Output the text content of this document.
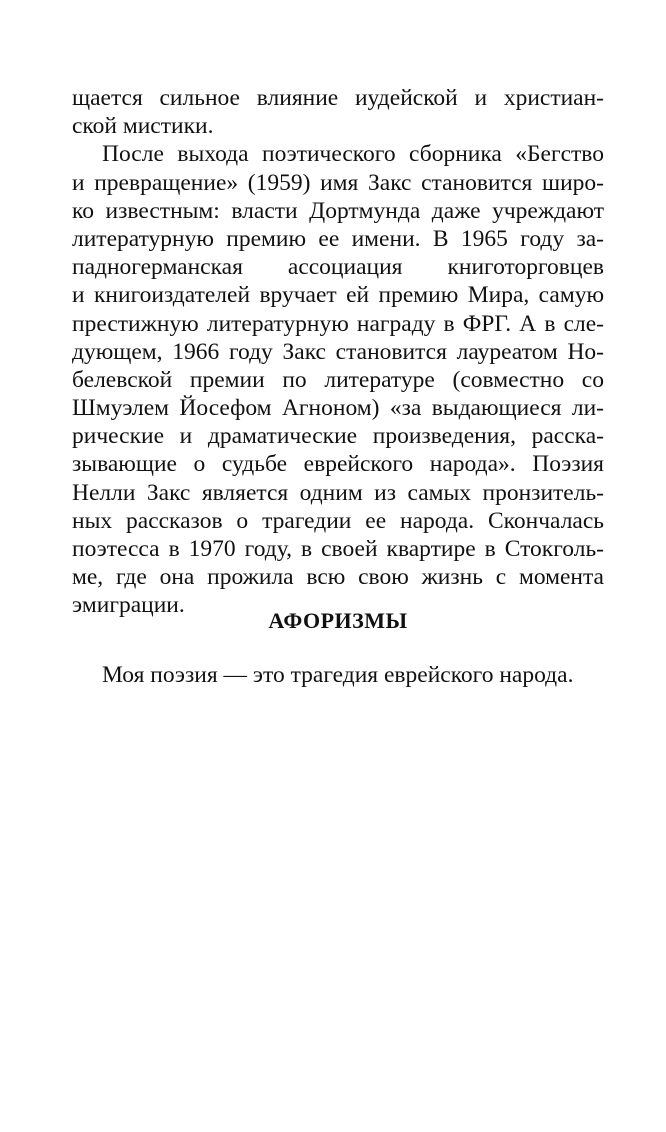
щается сильное влияние иудейской и христиан-
ской мистики.
После выхода поэтического сборника «Бегство
и превращение» (1959) имя Закс становится широ-
ко известным: власти Дортмунда даже учреждают
литературную премию ее имени. В 1965 году за-
падногерманская ассоциация книготорговцев
и книгоиздателей вручает ей премию Мира, самую
престижную литературную награду в ФРГ. А в сле-
дующем, 1966 году Закс становится лауреатом Но-
белевской премии по литературе (совместно со
Шмуэлем Йосефом Агноном) «за выдающиеся ли-
рические и драматические произведения, расска-
зывающие о судьбе еврейского народа». Поэзия
Нелли Закс является одним из самых пронзитель-
ных рассказов о трагедии ее народа. Скончалась
поэтесса в 1970 году, в своей квартире в Стокголь-
ме, где она прожила всю свою жизнь с момента
эмиграции.
АФОРИЗМЫ
Моя поэзия — это трагедия еврейского народа.
